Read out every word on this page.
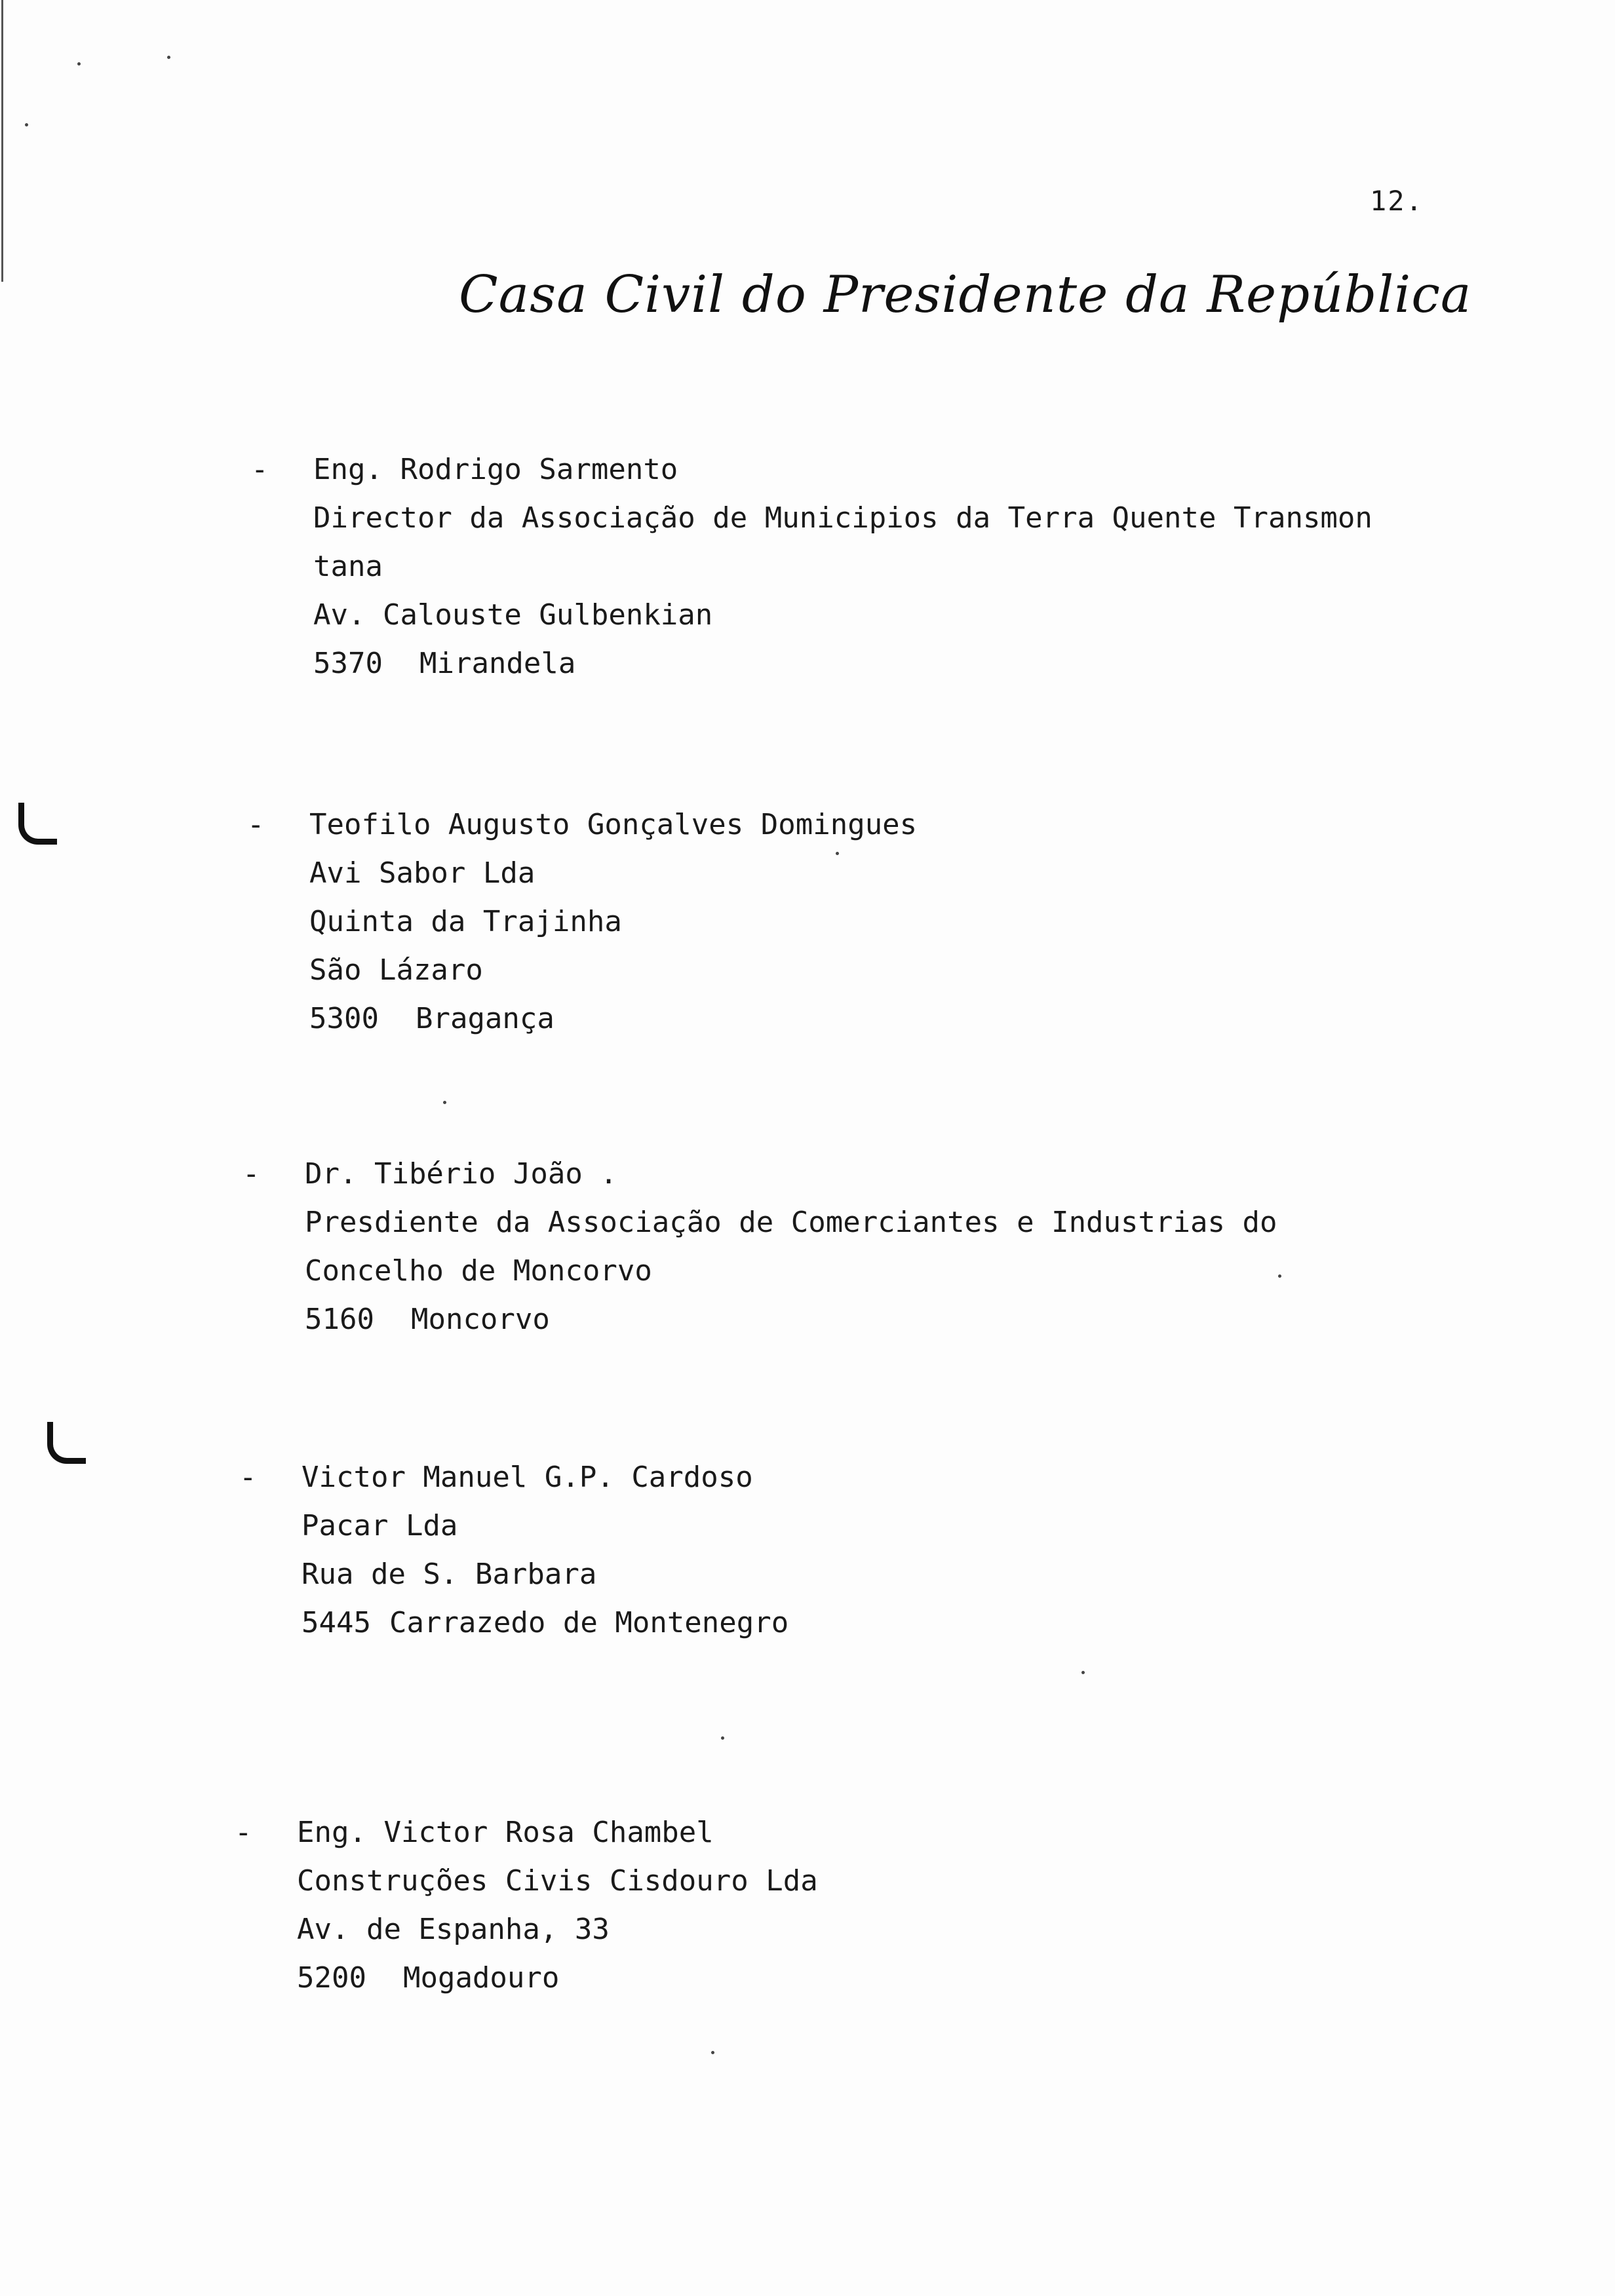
12.
Casa Civil do Presidente da República
- Eng. Rodrigo Sarmento
Director da Associação de Municipios da Terra Quente Transmon
tana
Av. Calouste Gulbenkian
5370 Mirandela
- Teofilo Augusto Gonçalves Domingues
Avi Sabor Lda
Quinta da Trajinha
São Lázaro
5300 Bragança
- Dr. Tibério João .
Presdiente da Associação de Comerciantes e Industrias do
Concelho de Moncorvo
5160 Moncorvo
- Victor Manuel G.P. Cardoso
Pacar Lda
Rua de S. Barbara
5445 Carrazedo de Montenegro
- Eng. Victor Rosa Chambel
Construções Civis Cisdouro Lda
Av. de Espanha, 33
5200 Mogadouro
